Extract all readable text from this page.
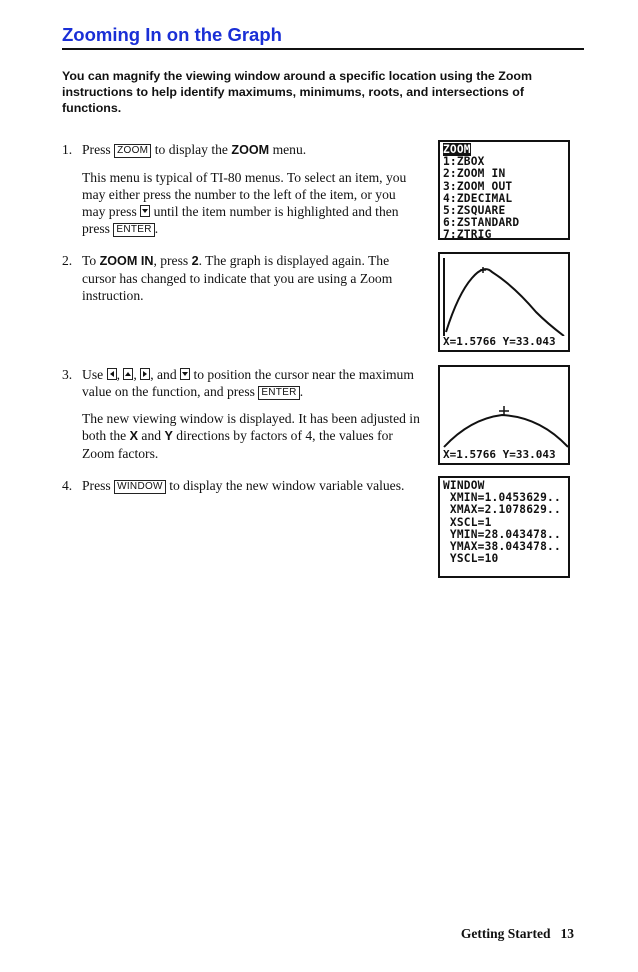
Zooming In on the Graph
You can magnify the viewing window around a specific location using the Zoom instructions to help identify maximums, minimums, roots, and intersections of functions.
1. Press ZOOM to display the ZOOM menu.

This menu is typical of TI-80 menus. To select an item, you may either press the number to the left of the item, or you may press until the item number is highlighted and then press ENTER .

2. To ZOOM IN, press 2. The graph is displayed again. The cursor has changed to indicate that you are using a Zoom instruction.

3. Use , , , and to position the cursor near the maximum value on the function, and press ENTER .

The new viewing window is displayed. It has been adjusted in both the X and Y directions by factors of 4, the values for Zoom factors.

4. Press WINDOW to display the new window variable values.

ZOOM
1:ZBOX
2:ZOOM IN
3:ZOOM OUT
4:ZDECIMAL
5:ZSQUARE
6:ZSTANDARD
7:ZTRIG
X=1.5766 Y=33.043
X=1.5766 Y=33.043
WINDOW
XMIN=1.0453629..
XMAX=2.1078629..
XSCL=1
YMIN=28.043478..
YMAX=38.043478..
YSCL=10
Getting Started 13
